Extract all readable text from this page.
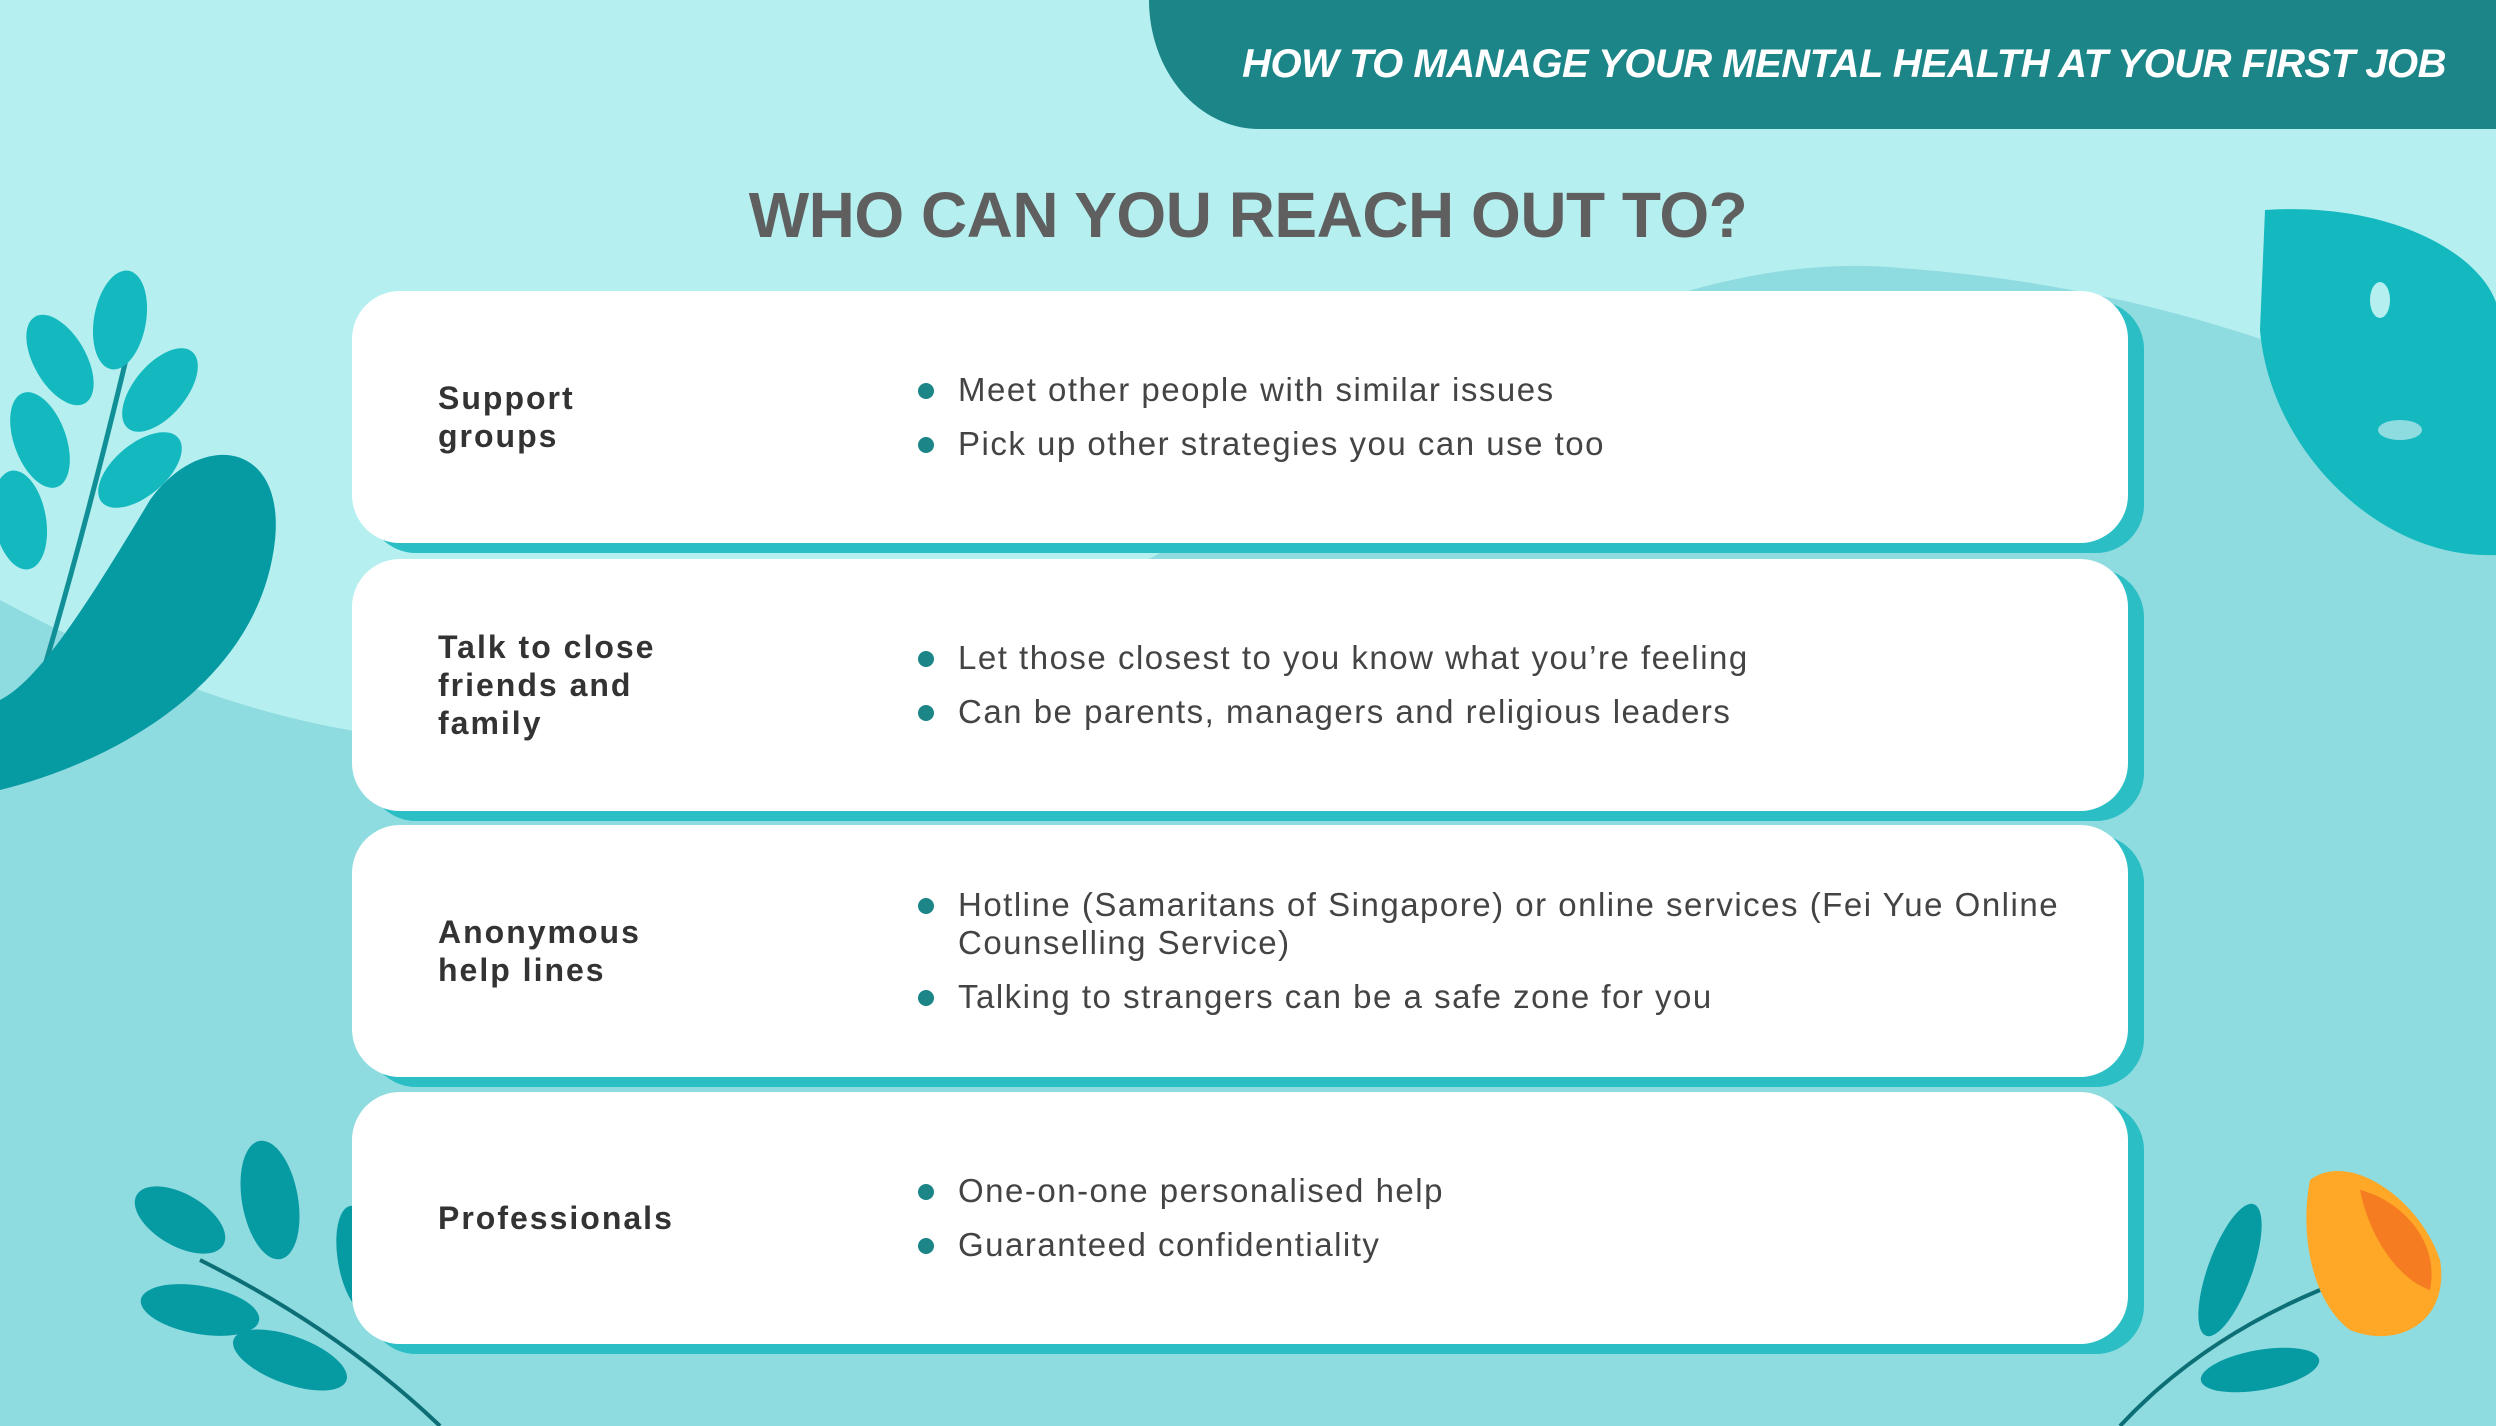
HOW TO MANAGE YOUR MENTAL HEALTH AT YOUR FIRST JOB
WHO CAN YOU REACH OUT TO?
Support groups
Meet other people with similar issues
Pick up other strategies you can use too
Talk to close friends and family
Let those closest to you know what you’re feeling
Can be parents, managers and religious leaders
Anonymous help lines
Hotline (Samaritans of Singapore) or online services (Fei Yue Online Counselling Service)
Talking to strangers can be a safe zone for you
Professionals
One-on-one personalised help
Guaranteed confidentiality
